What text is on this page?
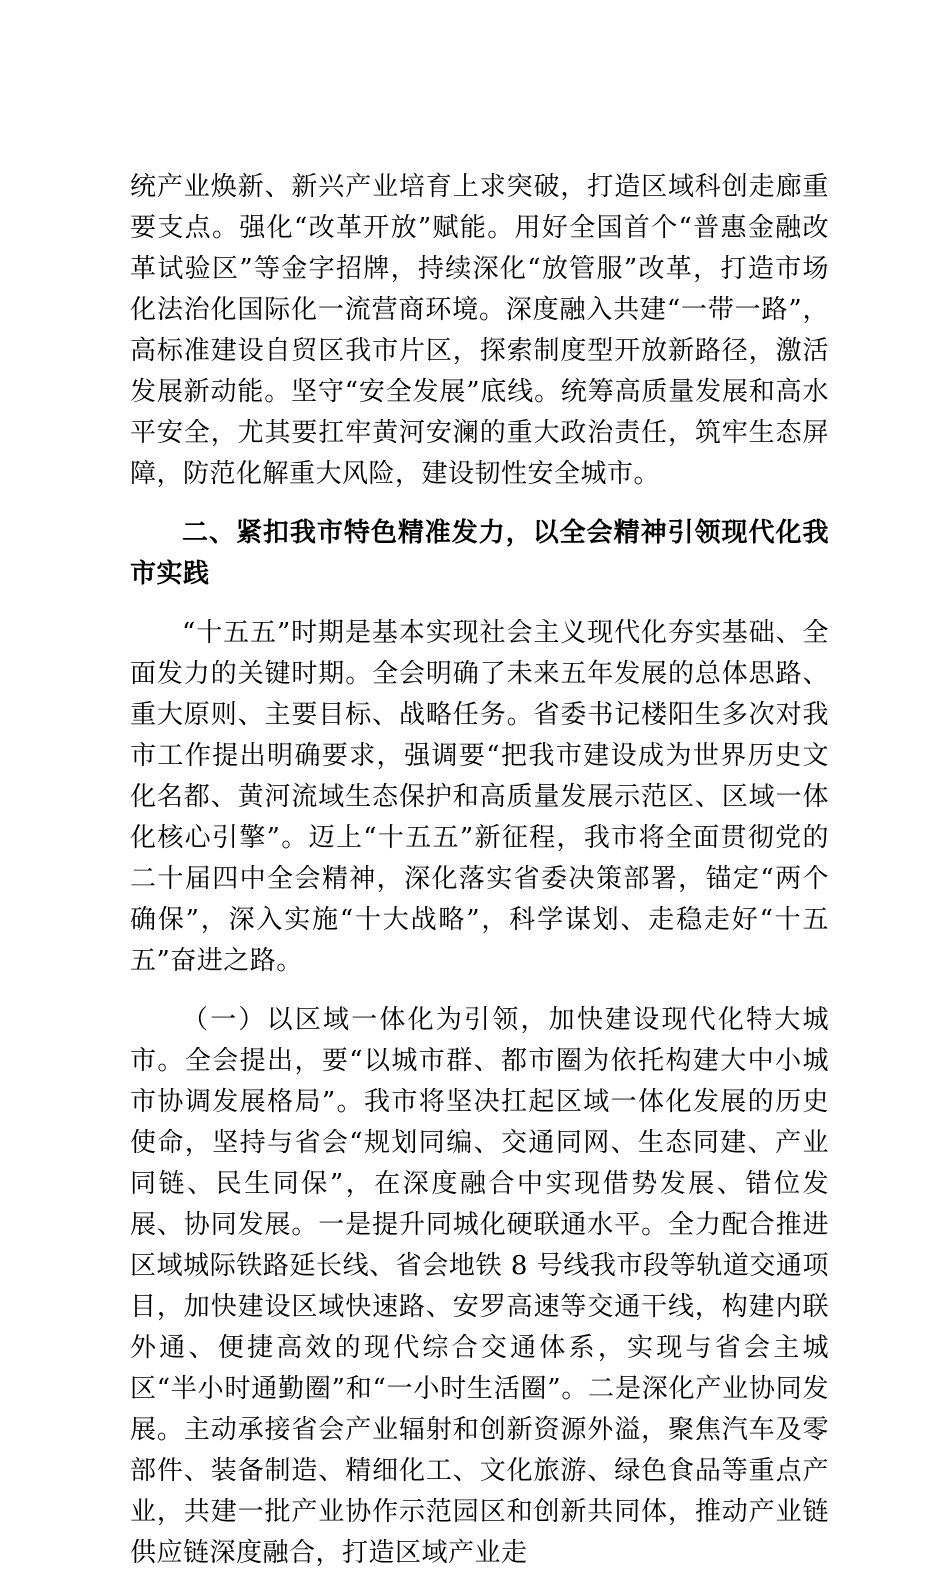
统产业焕新、新兴产业培育上求突破，打造区域科创走廊重要支点。强化“改革开放”赋能。用好全国首个“普惠金融改革试验区”等金字招牌，持续深化“放管服”改革，打造市场化法治化国际化一流营商环境。深度融入共建“一带一路”，高标准建设自贸区我市片区，探索制度型开放新路径，激活发展新动能。坚守“安全发展”底线。统筹高质量发展和高水平安全，尤其要扛牢黄河安澜的重大政治责任，筑牢生态屏障，防范化解重大风险，建设韧性安全城市。

二、紧扣我市特色精准发力，以全会精神引领现代化我市实践

“十五五”时期是基本实现社会主义现代化夯实基础、全面发力的关键时期。全会明确了未来五年发展的总体思路、重大原则、主要目标、战略任务。省委书记楼阳生多次对我市工作提出明确要求，强调要“把我市建设成为世界历史文化名都、黄河流域生态保护和高质量发展示范区、区域一体化核心引擎”。迈上“十五五”新征程，我市将全面贯彻党的二十届四中全会精神，深化落实省委决策部署，锚定“两个确保”，深入实施“十大战略”，科学谋划、走稳走好“十五五”奋进之路。

（一）以区域一体化为引领，加快建设现代化特大城市。全会提出，要“以城市群、都市圈为依托构建大中小城市协调发展格局”。我市将坚决扛起区域一体化发展的历史使命，坚持与省会“规划同编、交通同网、生态同建、产业同链、民生同保”，在深度融合中实现借势发展、错位发展、协同发展。一是提升同城化硬联通水平。全力配合推进区域城际铁路延长线、省会地铁 8 号线我市段等轨道交通项目，加快建设区域快速路、安罗高速等交通干线，构建内联外通、便捷高效的现代综合交通体系，实现与省会主城区“半小时通勤圈”和“一小时生活圈”。二是深化产业协同发展。主动承接省会产业辐射和创新资源外溢，聚焦汽车及零部件、装备制造、精细化工、文化旅游、绿色食品等重点产业，共建一批产业协作示范园区和创新共同体，推动产业链供应链深度融合，打造区域产业走
